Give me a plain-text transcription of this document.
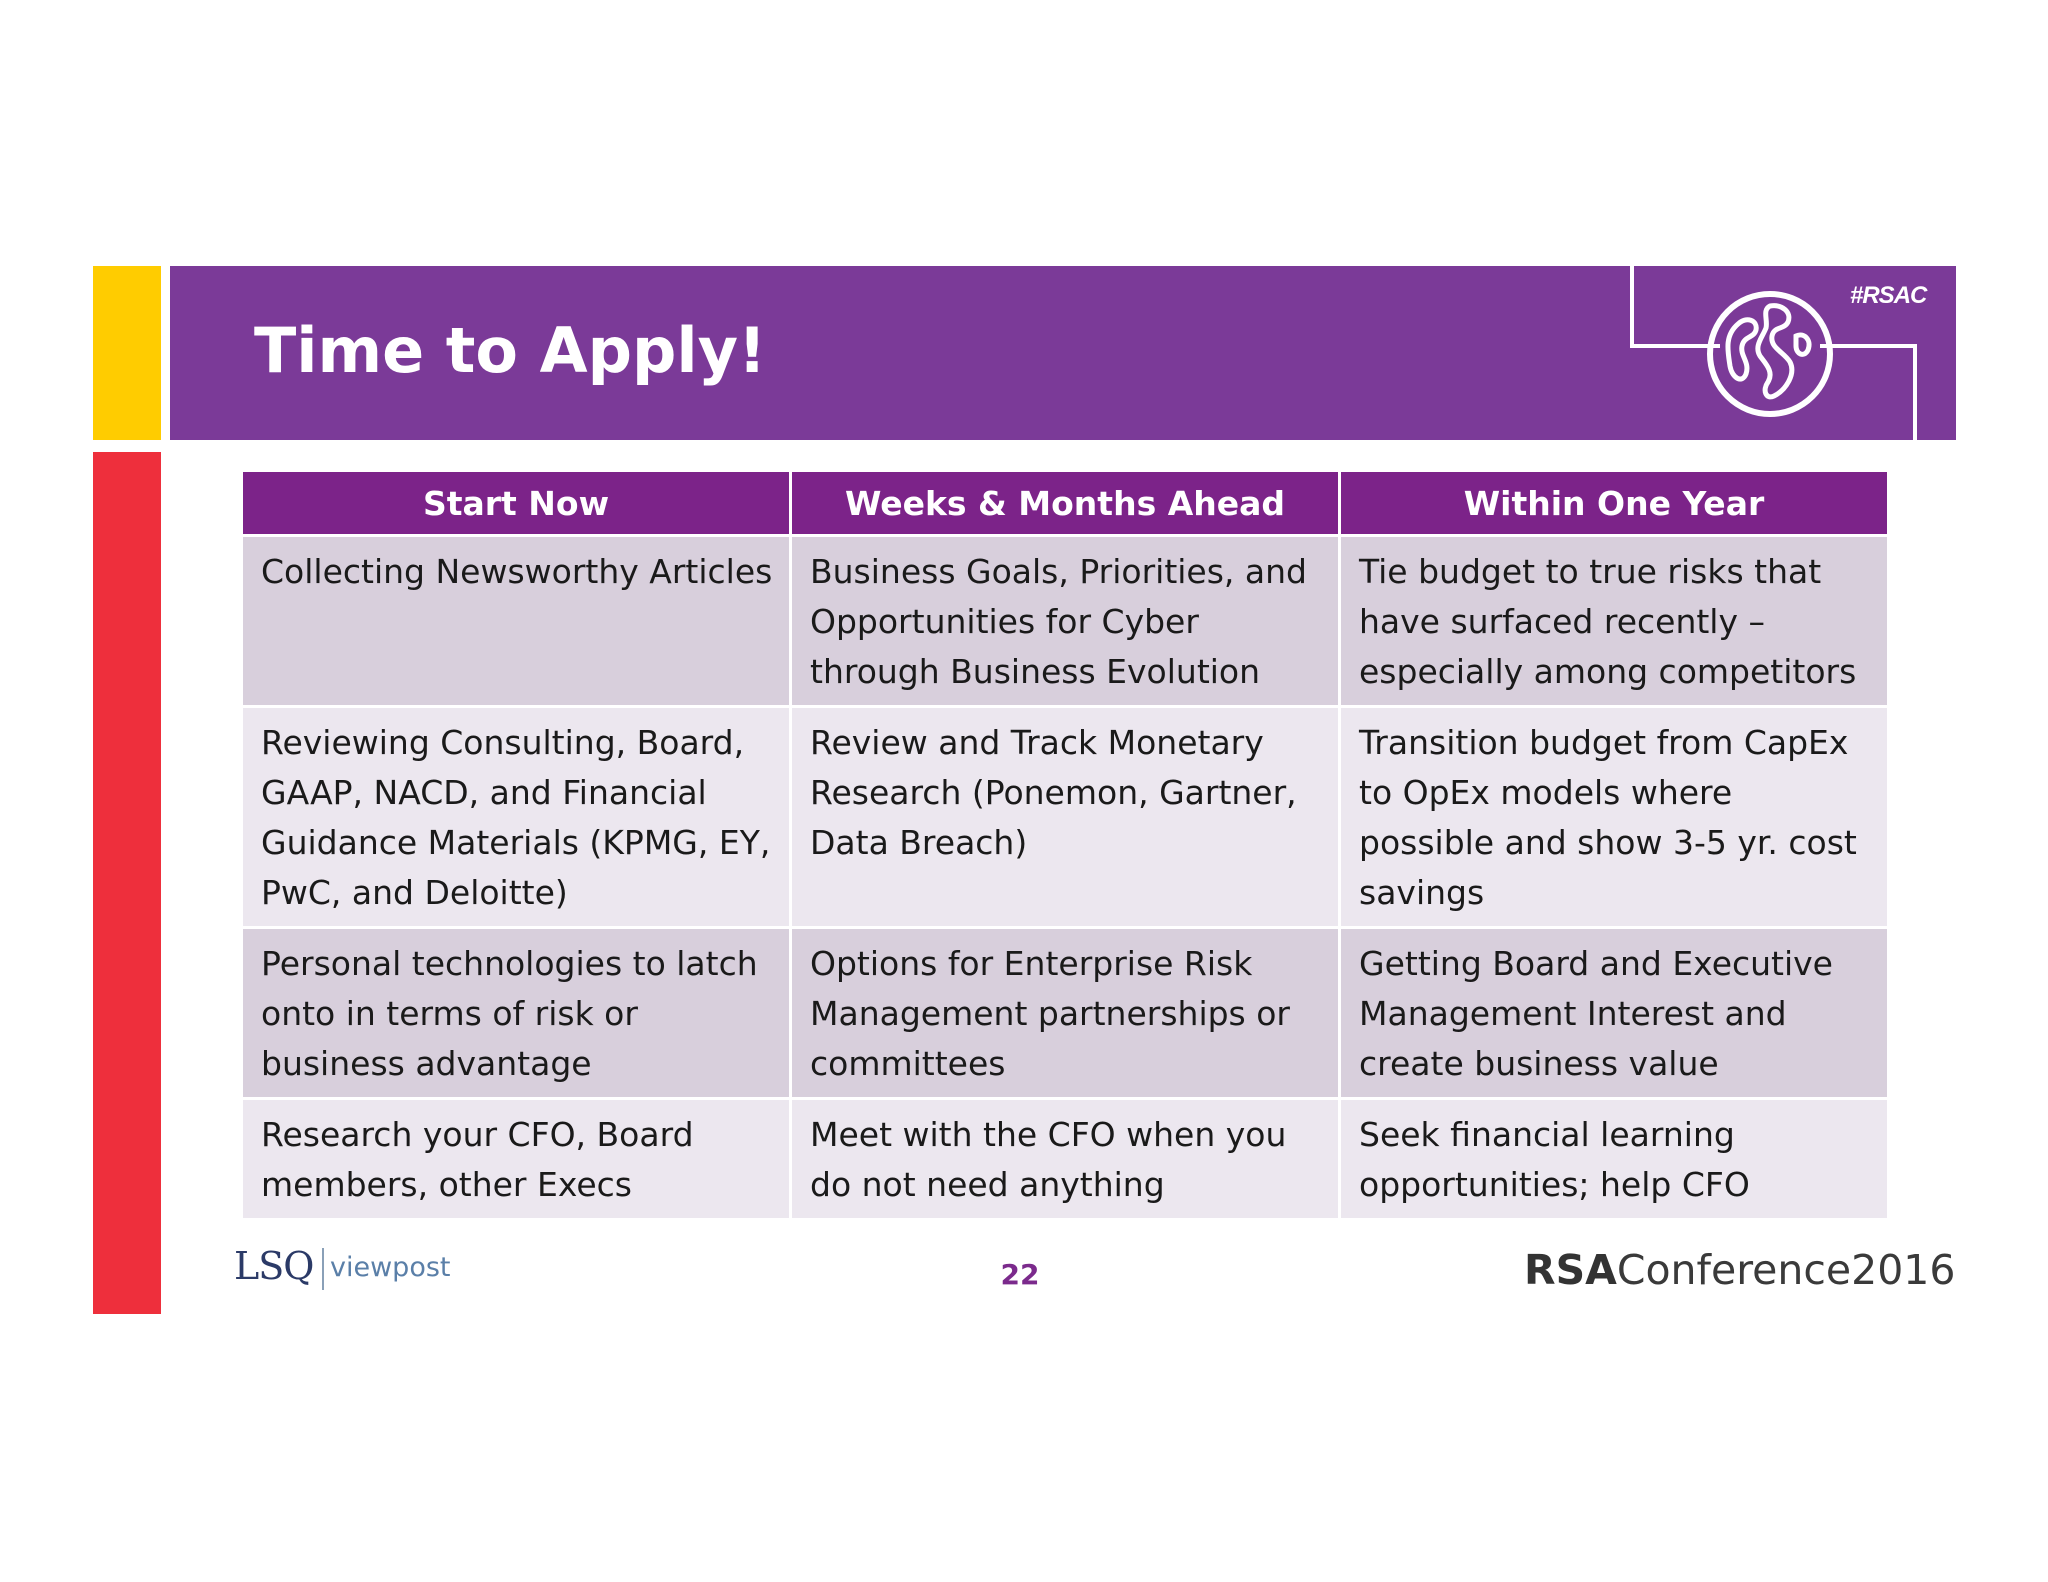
Time to Apply!
#RSAC
Start Now	Weeks & Months Ahead	Within One Year
Collecting Newsworthy Articles	Business Goals, Priorities, and Opportunities for Cyber through Business Evolution	Tie budget to true risks that have surfaced recently – especially among competitors
Reviewing Consulting, Board, GAAP, NACD, and Financial Guidance Materials (KPMG, EY, PwC, and Deloitte)	Review and Track Monetary Research (Ponemon, Gartner, Data Breach)	Transition budget from CapEx to OpEx models where possible and show 3-5 yr. cost savings
Personal technologies to latch onto in terms of risk or business advantage	Options for Enterprise Risk Management partnerships or committees	Getting Board and Executive Management Interest and create business value
Research your CFO, Board members, other Execs	Meet with the CFO when you do not need anything	Seek financial learning opportunities; help CFO
LSQ viewpost	22	RSAConference2016
